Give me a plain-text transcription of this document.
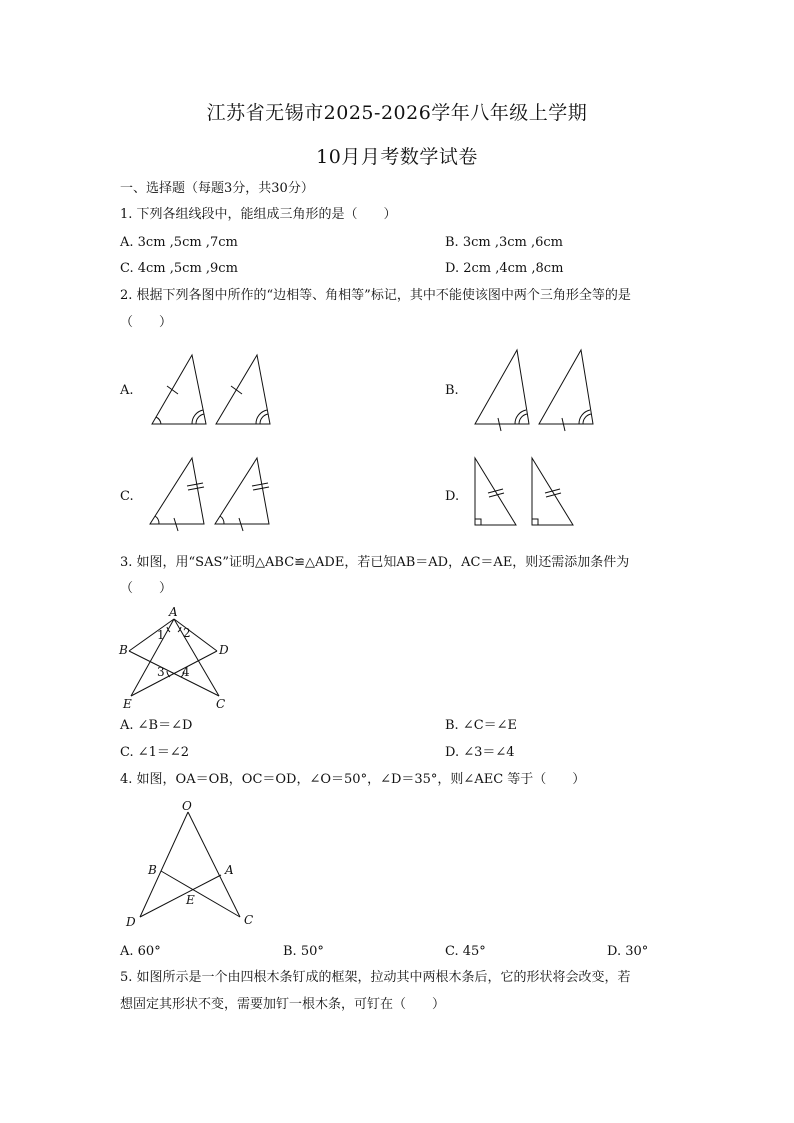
江苏省无锡市2025-2026学年八年级上学期
10月月考数学试卷
一、选择题（每题3分，共30分）
1. 下列各组线段中，能组成三角形的是（　　）
A. 3cm ,5cm ,7cm	B. 3cm ,3cm ,6cm
C. 4cm ,5cm ,9cm	D. 2cm ,4cm ,8cm
2. 根据下列各图中所作的“边相等、角相等”标记，其中不能使该图中两个三角形全等的是
（　　）
A.	B.
C.	D.
3. 如图，用“SAS”证明△ABC≌△ADE，若已知AB＝AD，AC＝AE，则还需添加条件为
（　　）
A
B	D
E	C
1 2
3 4
A. ∠B＝∠D	B. ∠C＝∠E
C. ∠1＝∠2	D. ∠3＝∠4
4. 如图，OA＝OB，OC＝OD，∠O＝50°，∠D＝35°，则∠AEC 等于（　　）
O
B	A
E
D	C
A. 60°	B. 50°	C. 45°	D. 30°
5. 如图所示是一个由四根木条钉成的框架，拉动其中两根木条后，它的形状将会改变，若
想固定其形状不变，需要加钉一根木条，可钉在（　　）
